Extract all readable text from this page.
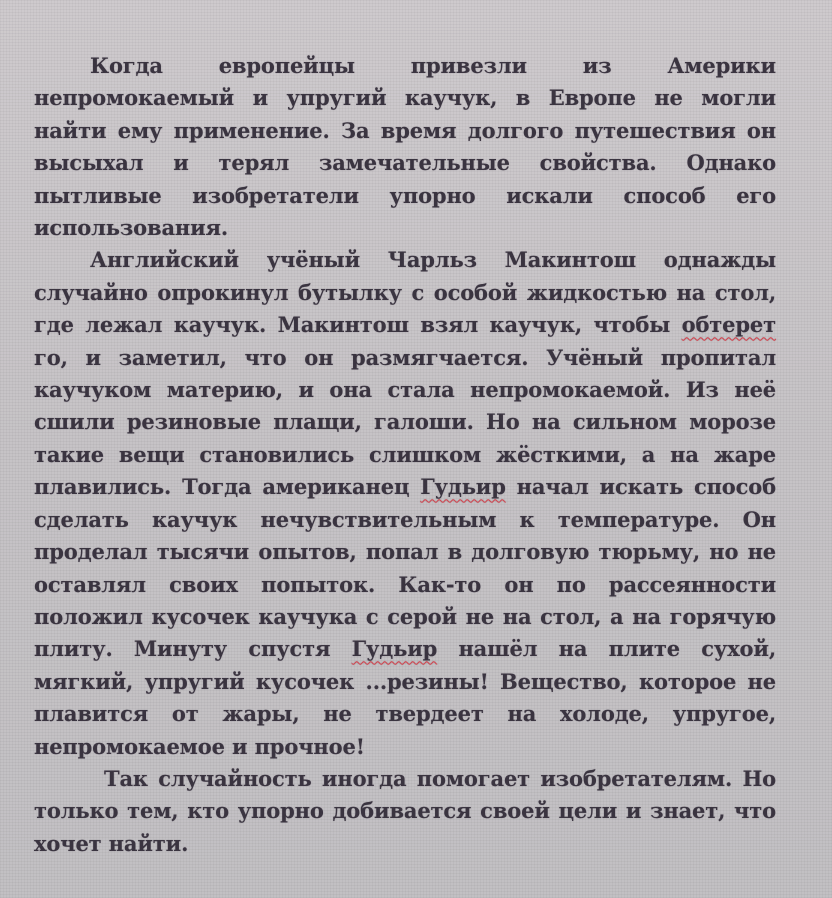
Когда европейцы привезли из Америки непромокаемый и упругий каучук, в Европе не могли найти ему применение. За время долгого путешествия он высыхал и терял замечательные свойства. Однако пытливые изобретатели упорно искали способ его использования.

Английский учёный Чарльз Макинтош однажды случайно опрокинул бутылку с особой жидкостью на стол, где лежал каучук. Макинтош взял каучук, чтобы обтерет го, и заметил, что он размягчается. Учёный пропитал каучуком материю, и она стала непромокаемой. Из неё сшили резиновые плащи, галоши. Но на сильном морозе такие вещи становились слишком жёсткими, а на жаре плавились. Тогда американец Гудьир начал искать способ сделать каучук нечувствительным к температуре. Он проделал тысячи опытов, попал в долговую тюрьму, но не оставлял своих попыток. Как-то он по рассеянности положил кусочек каучука с серой не на стол, а на горячую плиту. Минуту спустя Гудьир нашёл на плите сухой, мягкий, упругий кусочек ...резины! Вещество, которое не плавится от жары, не твердеет на холоде, упругое, непромокаемое и прочное!

Так случайность иногда помогает изобретателям. Но только тем, кто упорно добивается своей цели и знает, что хочет найти.
